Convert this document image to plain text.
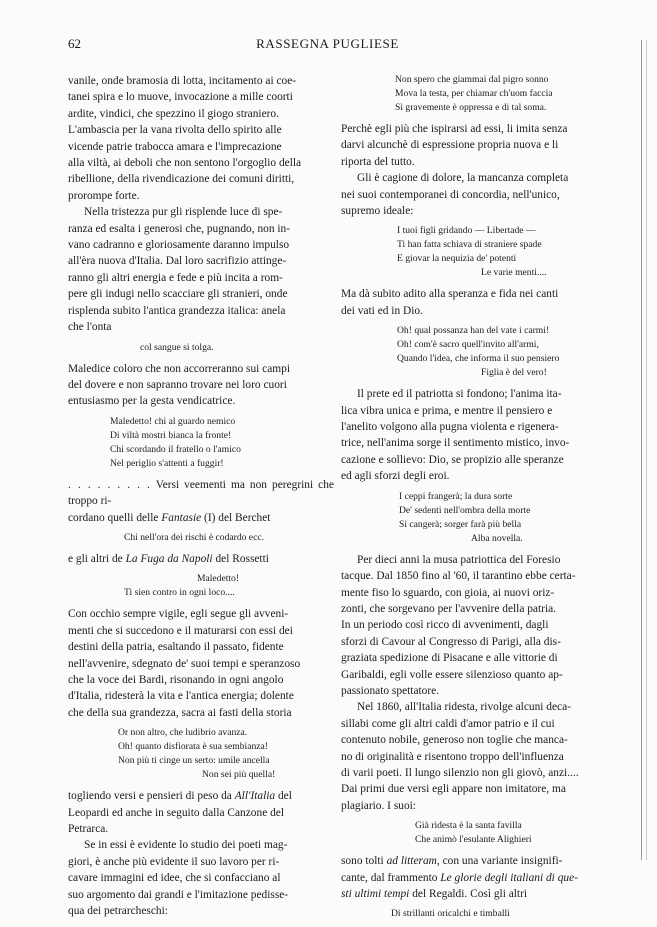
62	RASSEGNA PUGLIESE

vanile, onde bramosia di lotta, incitamento ai coe-
tanei spira e lo muove, invocazione a mille coorti
ardite, vindici, che spezzino il giogo straniero.
L'ambascia per la vana rivolta dello spirito alle
vicende patrie trabocca amara e l'imprecazione
alla viltà, ai deboli che non sentono l'orgoglio della
ribellione, della rivendicazione dei comuni diritti,
prorompe forte.

Nella tristezza pur gli risplende luce di spe-
ranza ed esalta i generosi che, pugnando, non in-
vano cadranno e gloriosamente daranno impulso
all'èra nuova d'Italia. Dal loro sacrifizio attinge-
ranno gli altri energia e fede e più incita a rom-
pere gli indugi nello scacciare gli stranieri, onde
risplenda subito l'antica grandezza italica: anela
che l'onta

col sangue si tolga.

Maledice coloro che non accorreranno sui campi
del dovere e non sapranno trovare nei loro cuori
entusiasmo per la gesta vendicatrice.

Maledetto! chi al guardo nemico
Di viltà mostri bianca la fronte!
Chi scordando il fratello o l'amico
Nel periglio s'attenti a fuggir!

. . . . . . . . . Versi veementi ma non peregrini che troppo ri-
cordano quelli delle Fantasie (I) del Berchet

Chi nell'ora dei rischi è codardo ecc.

e gli altri de La Fuga da Napoli del Rossetti

Maledetto!
Ti sien contro in ogni loco....

Con occhio sempre vigile, egli segue gli avveni-
menti che si succedono e il maturarsi con essi dei
destini della patria, esaltando il passato, fidente
nell'avvenire, sdegnato de' suoi tempi e speranzoso
che la voce dei Bardi, risonando in ogni angolo
d'Italia, ridesterà la vita e l'antica energia; dolente
che della sua grandezza, sacra ai fasti della storia

Or non altro, che ludibrio avanza.
Oh! quanto disfiorata è sua sembianza!
Non più ti cinge un serto: umile ancella
Non sei più quella!

togliendo versi e pensieri di peso da All'Italia del
Leopardi ed anche in seguito dalla Canzone del
Petrarca.

Se in essi è evidente lo studio dei poeti mag-
giori, è anche più evidente il suo lavoro per ri-
cavare immagini ed idee, che si confacciano al
suo argomento dai grandi e l'imitazione pedisse-
qua dei petrarcheschi:

Non spero che giammai dal pigro sonno
Mova la testa, per chiamar ch'uom faccia
Sì gravemente è oppressa e di tal soma.

Perchè egli più che ispirarsi ad essi, li imita senza
darvi alcunchè di espressione propria nuova e li
riporta del tutto.

Gli è cagione di dolore, la mancanza completa
nei suoi contemporanei di concordia, nell'unico,
supremo ideale:

I tuoi figli gridando — Libertade —
Ti han fatta schiava di straniere spade
E giovar la nequizia de' potenti
Le varie menti....

Ma dà subito adito alla speranza e fida nei canti
dei vati ed in Dio.

Oh! qual possanza han del vate i carmi!
Oh! com'è sacro quell'invito all'armi,
Quando l'idea, che informa il suo pensiero
Figlia è del vero!

Il prete ed il patriotta si fondono; l'anima ita-
lica vibra unica e prima, e mentre il pensiero e
l'anelito volgono alla pugna violenta e rigenera-
trice, nell'anima sorge il sentimento mistico, invo-
cazione e sollievo: Dio, se propizio alle speranze
ed agli sforzi degli eroi.

I ceppi frangerà; la dura sorte
De' sedenti nell'ombra della morte
Si cangerà; sorger farà più bella
Alba novella.

Per dieci anni la musa patriottica del Foresio
tacque. Dal 1850 fino al '60, il tarantino ebbe certa-
mente fiso lo sguardo, con gioia, ai nuovi oriz-
zonti, che sorgevano per l'avvenire della patria.
In un periodo così ricco di avvenimenti, dagli
sforzi di Cavour al Congresso di Parigi, alla dis-
graziata spedizione di Pisacane e alle vittorie di
Garibaldi, egli volle essere silenzioso quanto ap-
passionato spettatore.

Nel 1860, all'Italia ridesta, rivolge alcuni deca-
sillabi come gli altri caldi d'amor patrio e il cui
contenuto nobile, generoso non toglie che manca-
no di originalità e risentono troppo dell'influenza
di varii poeti. Il lungo silenzio non gli giovò, anzi....
Dai primi due versi egli appare non imitatore, ma
plagiario. I suoi:

Già ridesta è la santa favilla
Che animò l'esulante Alighieri

sono tolti ad litteram, con una variante insignifi-
cante, dal frammento Le glorie degli italiani di que-
sti ultimi tempi del Regaldi. Così gli altri

Di strillanti oricalchi e timballi
